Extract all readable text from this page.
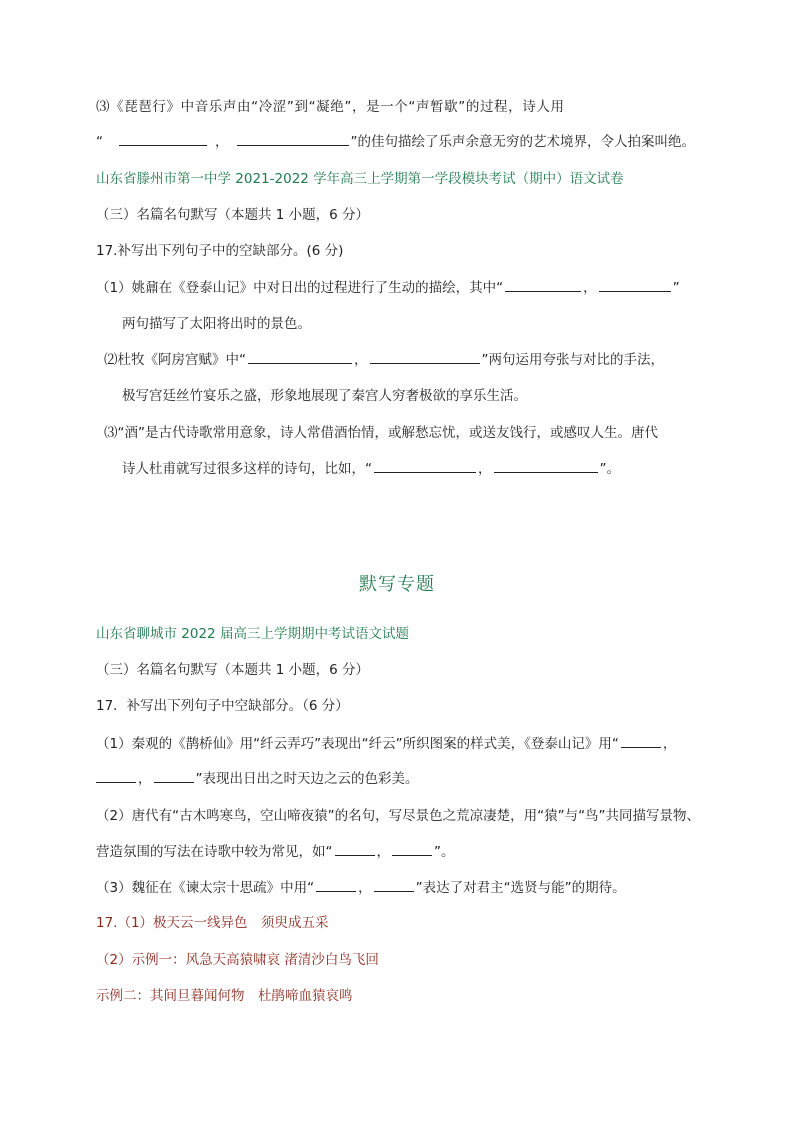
⑶《琵琶行》中音乐声由“冷涩”到“凝绝”，是一个“声暂歇”的过程，诗人用
“	，	”的佳句描绘了乐声余意无穷的艺术境界，令人拍案叫绝。
山东省滕州市第一中学 2021-2022 学年高三上学期第一学段模块考试（期中）语文试卷
（三）名篇名句默写（本题共 1 小题，6 分）
17.补写出下列句子中的空缺部分。(6 分)
（1）姚鼐在《登泰山记》中对日出的过程进行了生动的描绘，其中“	，	”
两句描写了太阳将出时的景色。
⑵杜牧《阿房宫赋》中“	，	”两句运用夸张与对比的手法，
极写宫廷丝竹宴乐之盛，形象地展现了秦宫人穷奢极欲的享乐生活。
⑶“酒”是古代诗歌常用意象，诗人常借酒怡情，或解愁忘忧，或送友饯行，或感叹人生。唐代
诗人杜甫就写过很多这样的诗句，比如，“	，	”。
默写专题
山东省聊城市 2022 届高三上学期期中考试语文试题
（三）名篇名句默写（本题共 1 小题，6 分）
17．补写出下列句子中空缺部分。（6 分）
（1）秦观的《鹊桥仙》用“纤云弄巧”表现出“纤云”所织图案的样式美，《登泰山记》用“	，
，	”表现出日出之时天边之云的色彩美。
（2）唐代有“古木鸣寒鸟，空山啼夜猿”的名句，写尽景色之荒凉凄楚，用“猿”与“鸟”共同描写景物、
营造氛围的写法在诗歌中较为常见，如“	，	”。
（3）魏征在《谏太宗十思疏》中用“	，	”表达了对君主“选贤与能”的期待。
17.（1）极天云一线异色　须臾成五采
（2）示例一：风急天高猿啸哀 渚清沙白鸟飞回
示例二：其间旦暮闻何物　杜鹃啼血猿哀鸣
